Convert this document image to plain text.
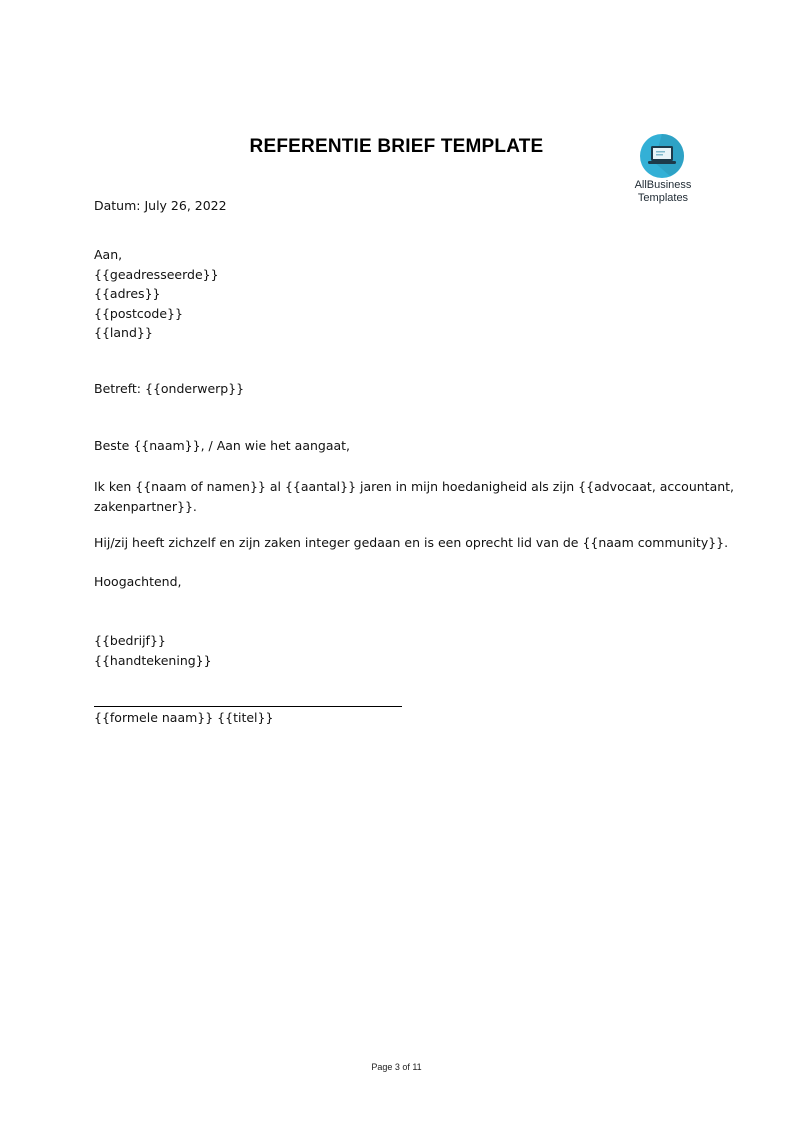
REFERENTIE BRIEF TEMPLATE
AllBusiness
Templates
Datum: July 26, 2022
Aan,
{{geadresseerde}}
{{adres}}
{{postcode}}
{{land}}
Betreft: {{onderwerp}}
Beste {{naam}}, / Aan wie het aangaat,
Ik ken {{naam of namen}} al {{aantal}} jaren in mijn hoedanigheid als zijn {{advocaat, accountant,
zakenpartner}}.
Hij/zij heeft zichzelf en zijn zaken integer gedaan en is een oprecht lid van de {{naam community}}.
Hoogachtend,
{{bedrijf}}
{{handtekening}}
{{formele naam}} {{titel}}
Page 3 of 11
